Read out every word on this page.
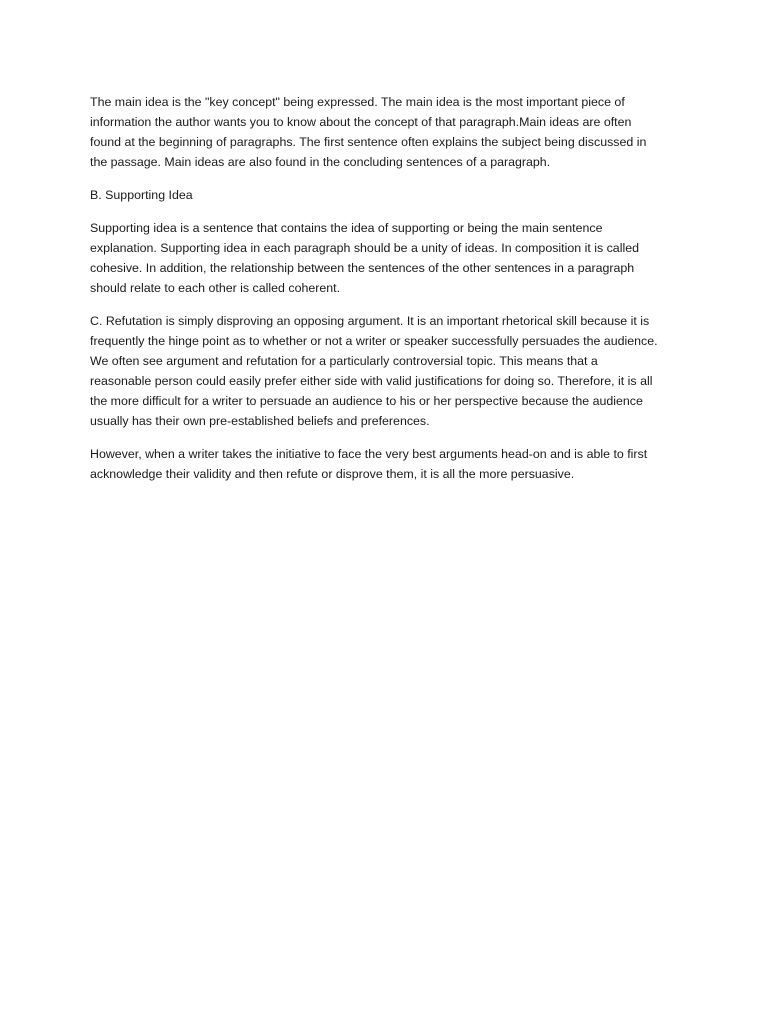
The main idea is the "key concept" being expressed. The main idea is the most important piece of
information the author wants you to know about the concept of that paragraph.Main ideas are often
found at the beginning of paragraphs. The first sentence often explains the subject being discussed in
the passage. Main ideas are also found in the concluding sentences of a paragraph.

B. Supporting Idea

Supporting idea is a sentence that contains the idea of supporting or being the main sentence
explanation. Supporting idea in each paragraph should be a unity of ideas. In composition it is called
cohesive. In addition, the relationship between the sentences of the other sentences in a paragraph
should relate to each other is called coherent.

C. Refutation is simply disproving an opposing argument. It is an important rhetorical skill because it is
frequently the hinge point as to whether or not a writer or speaker successfully persuades the audience.
We often see argument and refutation for a particularly controversial topic. This means that a
reasonable person could easily prefer either side with valid justifications for doing so. Therefore, it is all
the more difficult for a writer to persuade an audience to his or her perspective because the audience
usually has their own pre-established beliefs and preferences.

However, when a writer takes the initiative to face the very best arguments head-on and is able to first
acknowledge their validity and then refute or disprove them, it is all the more persuasive.
